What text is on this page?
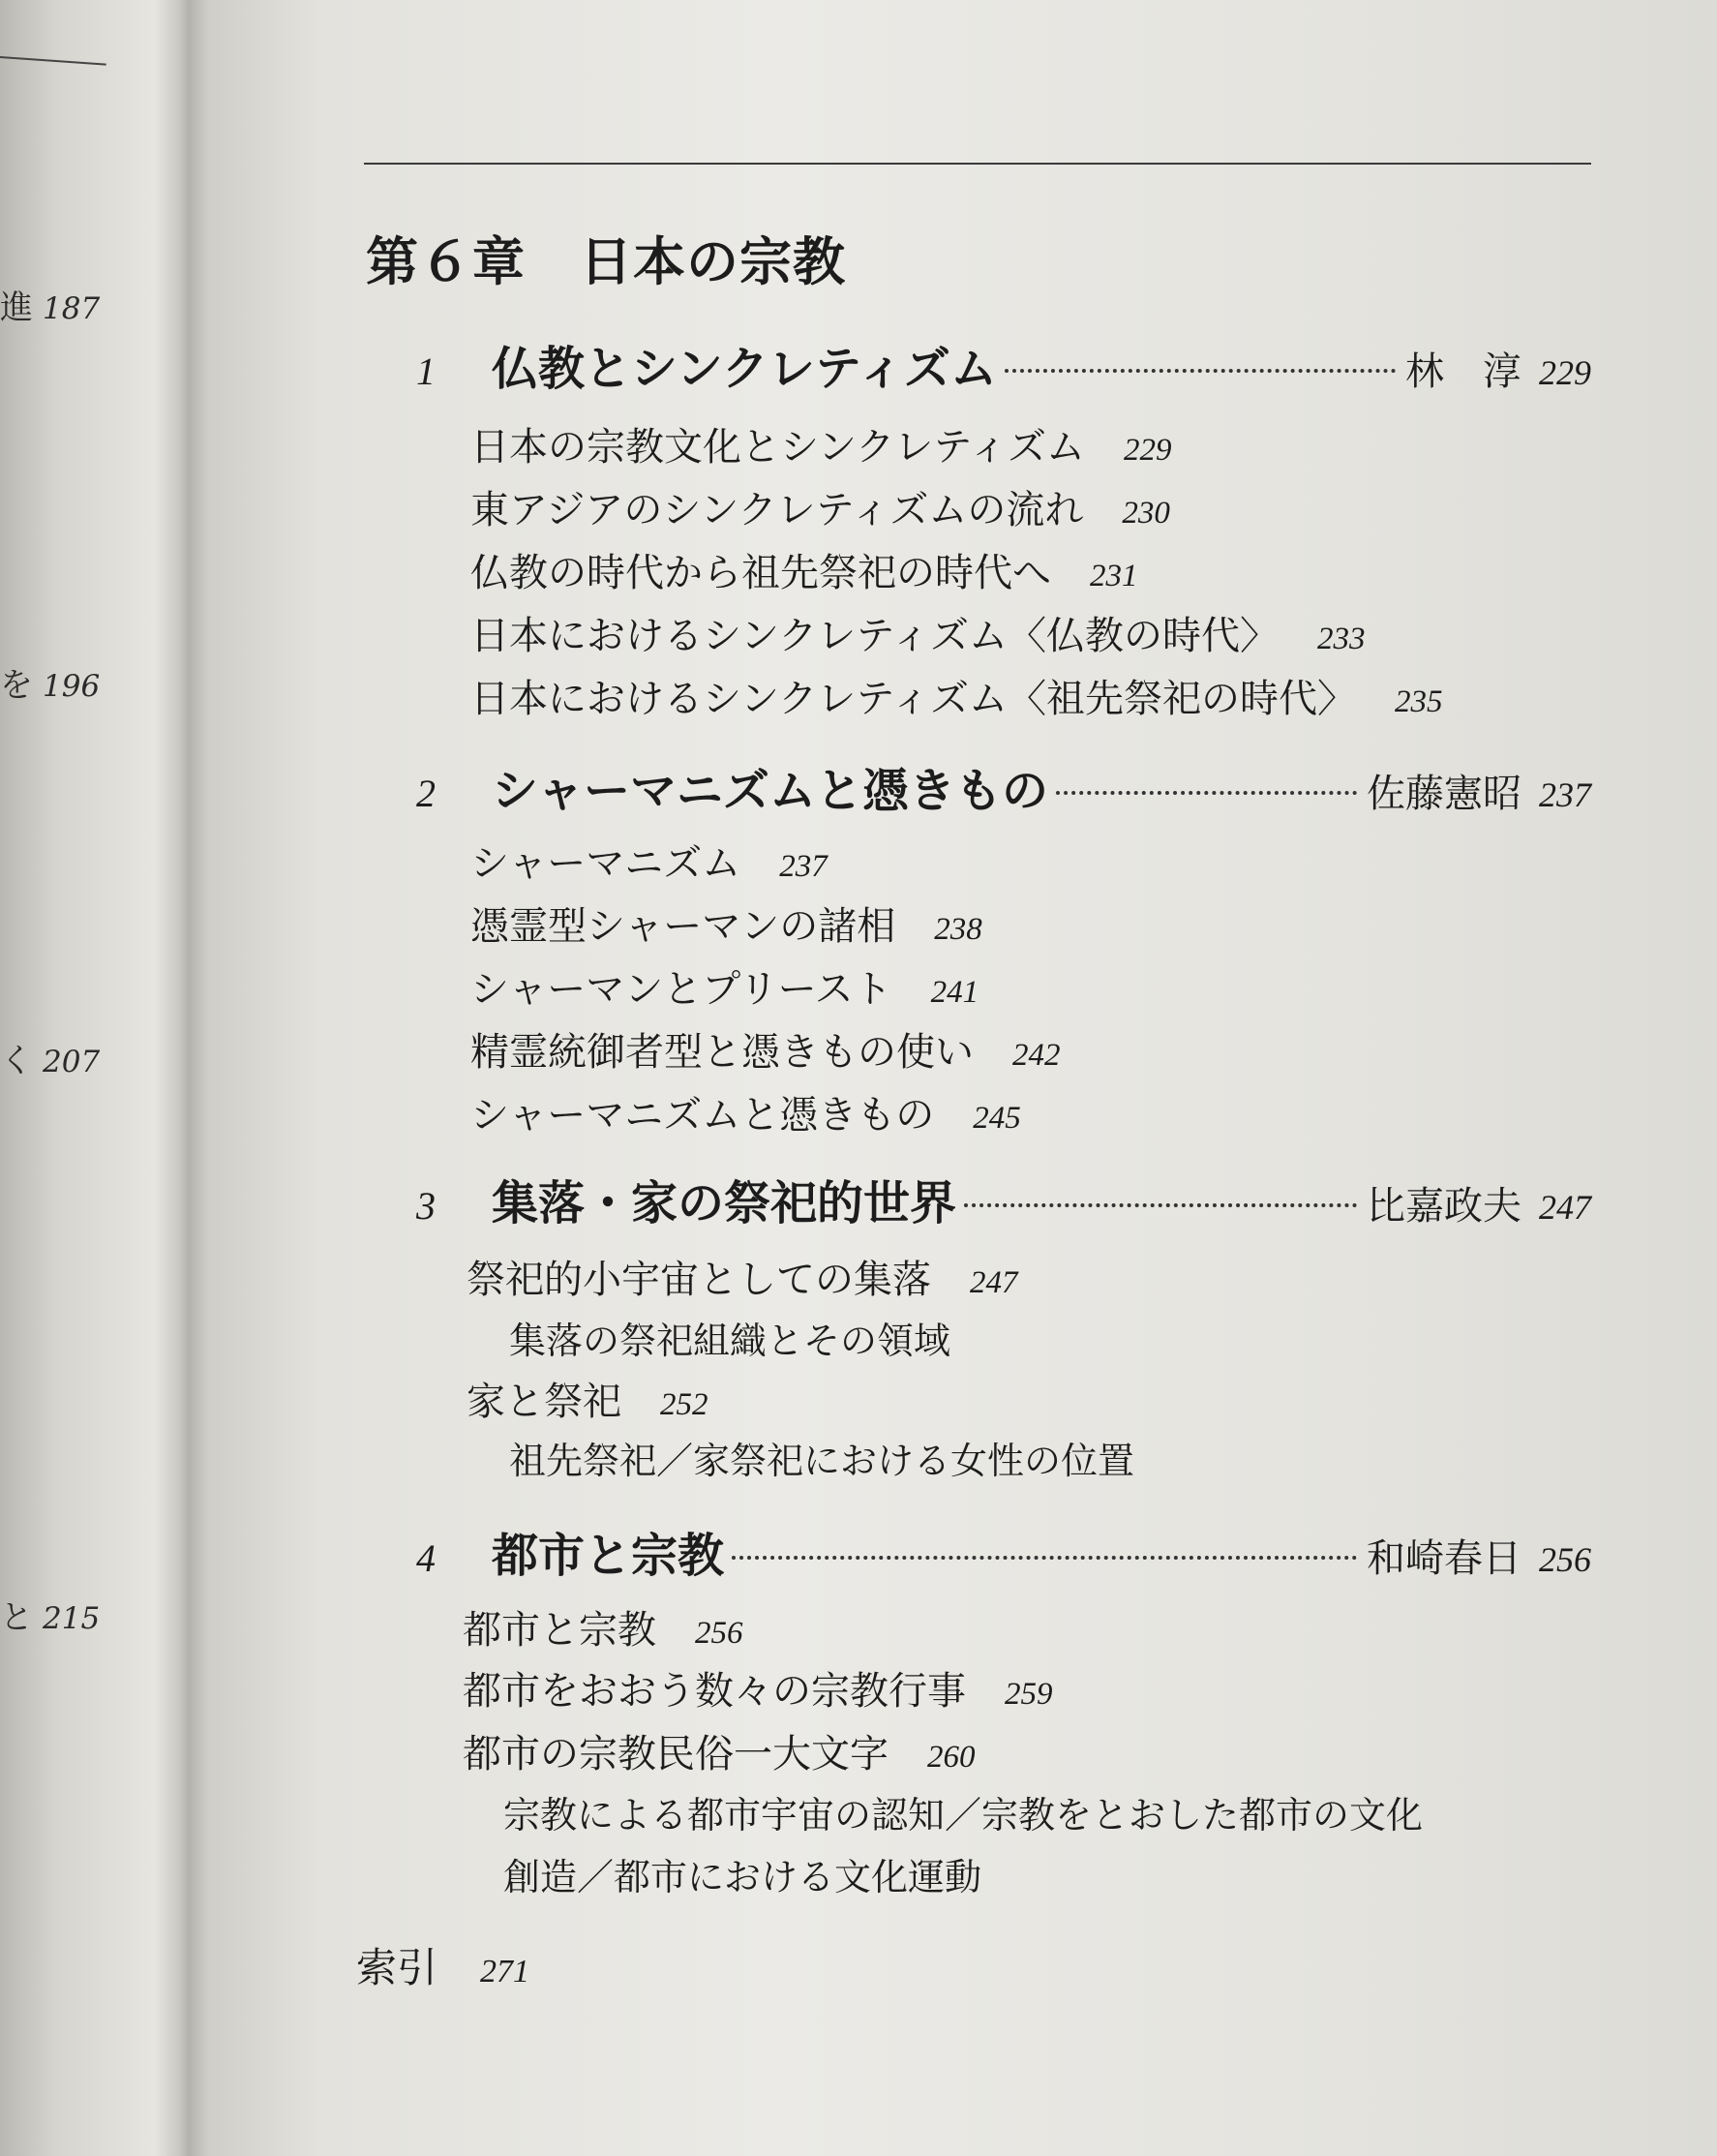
進 187
を 196
く 207
と 215
第６章 日本の宗教
1	仏教とシンクレティズム	林　淳 229
日本の宗教文化とシンクレティズム 229
東アジアのシンクレティズムの流れ 230
仏教の時代から祖先祭祀の時代へ 231
日本におけるシンクレティズム〈仏教の時代〉 233
日本におけるシンクレティズム〈祖先祭祀の時代〉 235
2	シャーマニズムと憑きもの	佐藤憲昭 237
シャーマニズム 237
憑霊型シャーマンの諸相 238
シャーマンとプリースト 241
精霊統御者型と憑きもの使い 242
シャーマニズムと憑きもの 245
3	集落・家の祭祀的世界	比嘉政夫 247
祭祀的小宇宙としての集落 247
集落の祭祀組織とその領域
家と祭祀 252
祖先祭祀／家祭祀における女性の位置
4	都市と宗教	和崎春日 256
都市と宗教 256
都市をおおう数々の宗教行事 259
都市の宗教民俗一大文字 260
宗教による都市宇宙の認知／宗教をとおした都市の文化
創造／都市における文化運動
索引 271
